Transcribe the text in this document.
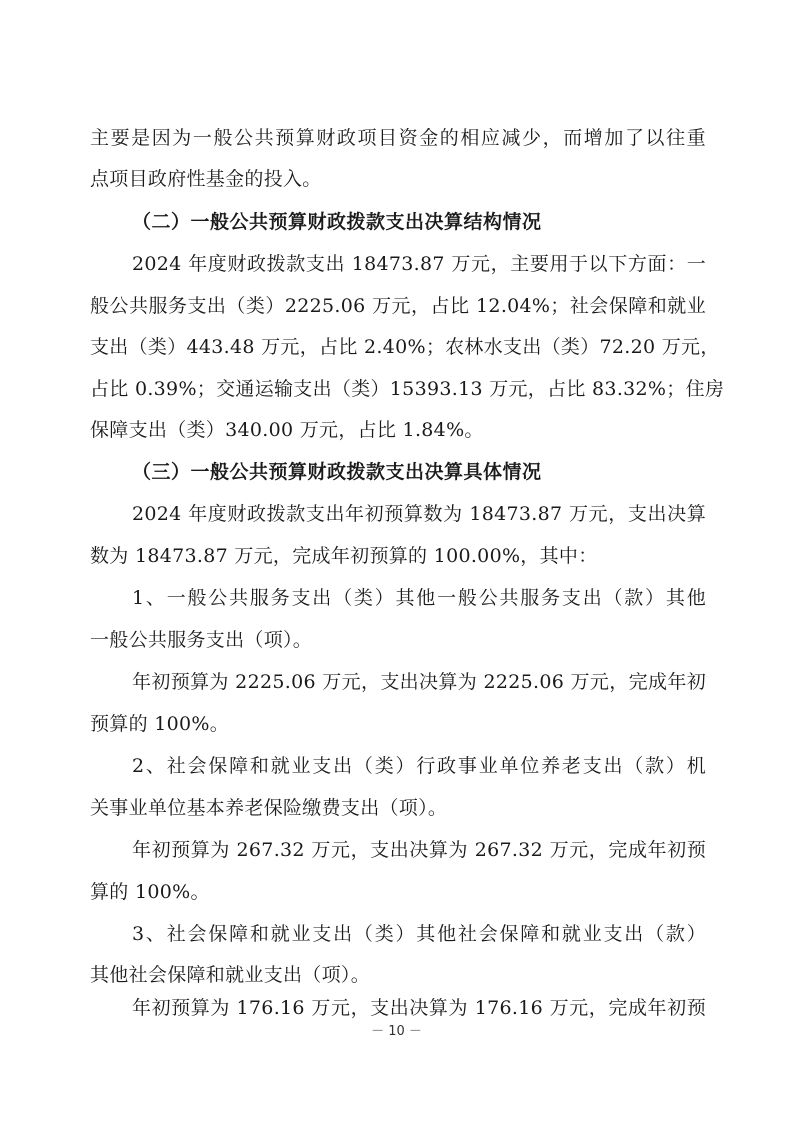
主要是因为一般公共预算财政项目资金的相应减少，而增加了以往重
点项目政府性基金的投入。
（二）一般公共预算财政拨款支出决算结构情况
2024 年度财政拨款支出 18473.87 万元，主要用于以下方面：一
般公共服务支出（类）2225.06 万元，占比 12.04%；社会保障和就业
支出（类）443.48 万元，占比 2.40%；农林水支出（类）72.20 万元，
占比 0.39%；交通运输支出（类）15393.13 万元，占比 83.32%；住房
保障支出（类）340.00 万元，占比 1.84%。
（三）一般公共预算财政拨款支出决算具体情况
2024 年度财政拨款支出年初预算数为 18473.87 万元，支出决算
数为 18473.87 万元，完成年初预算的 100.00%，其中：
1、一般公共服务支出（类）其他一般公共服务支出（款）其他
一般公共服务支出（项）。
年初预算为 2225.06 万元，支出决算为 2225.06 万元，完成年初
预算的 100%。
2、社会保障和就业支出（类）行政事业单位养老支出（款）机
关事业单位基本养老保险缴费支出（项）。
年初预算为 267.32 万元，支出决算为 267.32 万元，完成年初预
算的 100%。
3、社会保障和就业支出（类）其他社会保障和就业支出（款）
其他社会保障和就业支出（项）。
年初预算为 176.16 万元，支出决算为 176.16 万元，完成年初预
－ 10 －
